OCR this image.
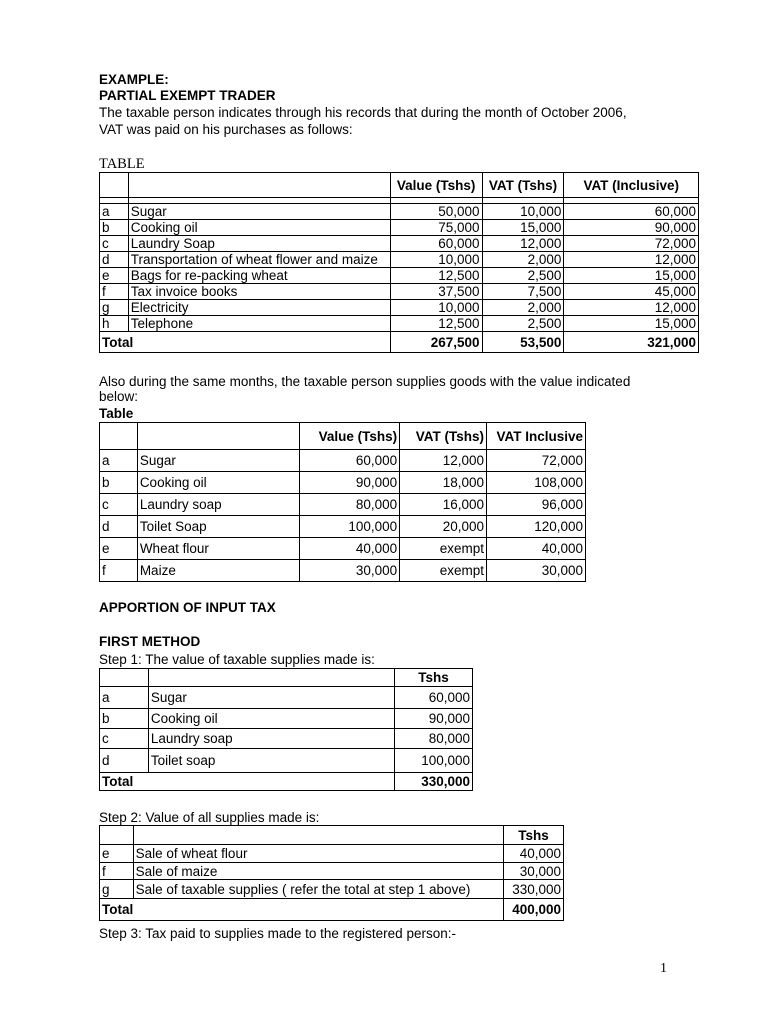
EXAMPLE:
PARTIAL EXEMPT TRADER
The taxable person indicates through his records that during the month of October 2006,
VAT was paid on his purchases as follows:
TABLE
		Value (Tshs)	VAT (Tshs)	VAT (Inclusive)

a	Sugar	50,000	10,000	60,000
b	Cooking oil	75,000	15,000	90,000
c	Laundry Soap	60,000	12,000	72,000
d	Transportation of wheat flower and maize	10,000	2,000	12,000
e	Bags for re-packing wheat	12,500	2,500	15,000
f	Tax invoice books	37,500	7,500	45,000
g	Electricity	10,000	2,000	12,000
h	Telephone	12,500	2,500	15,000
Total		267,500	53,500	321,000
Also during the same months, the taxable person supplies goods with the value indicated
below:
Table
		Value (Tshs)	VAT (Tshs)	VAT Inclusive
a	Sugar	60,000	12,000	72,000
b	Cooking oil	90,000	18,000	108,000
c	Laundry soap	80,000	16,000	96,000
d	Toilet Soap	100,000	20,000	120,000
e	Wheat flour	40,000	exempt	40,000
f	Maize	30,000	exempt	30,000
APPORTION OF INPUT TAX
FIRST METHOD
Step 1: The value of taxable supplies made is:
		Tshs
a	Sugar	60,000
b	Cooking oil	90,000
c	Laundry soap	80,000
d	Toilet soap	100,000
Total		330,000
Step 2: Value of all supplies made is:
		Tshs
e	Sale of wheat flour	40,000
f	Sale of maize	30,000
g	Sale of taxable supplies ( refer the total at step 1 above)	330,000
Total		400,000
Step 3: Tax paid to supplies made to the registered person:-
1
